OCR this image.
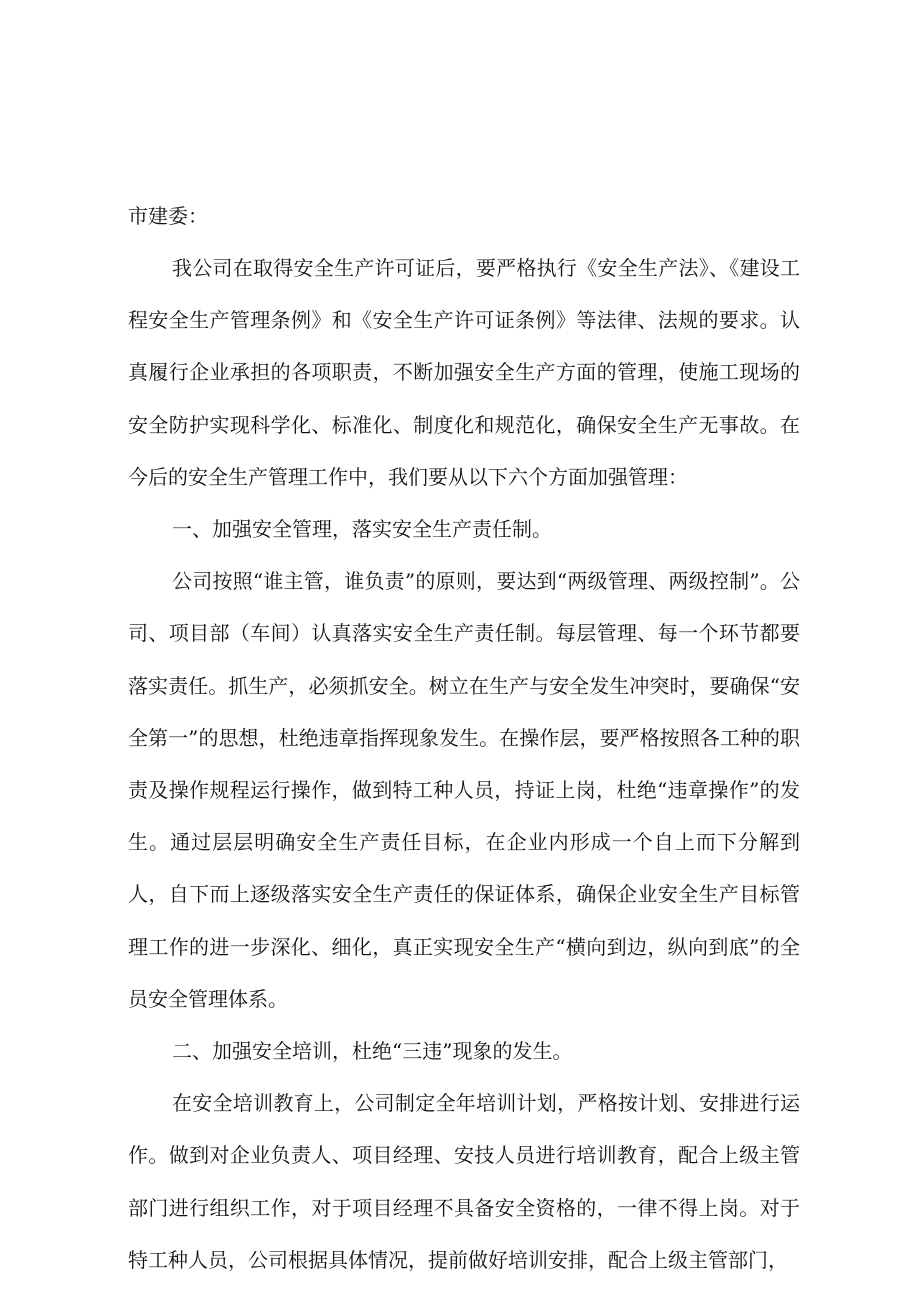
市建委：

我公司在取得安全生产许可证后，要严格执行《安全生产法》、《建设工程安全生产管理条例》和《安全生产许可证条例》等法律、法规的要求。认真履行企业承担的各项职责，不断加强安全生产方面的管理，使施工现场的安全防护实现科学化、标准化、制度化和规范化，确保安全生产无事故。在今后的安全生产管理工作中，我们要从以下六个方面加强管理：

一、加强安全管理，落实安全生产责任制。

公司按照“谁主管，谁负责”的原则，要达到“两级管理、两级控制”。公司、项目部（车间）认真落实安全生产责任制。每层管理、每一个环节都要落实责任。抓生产，必须抓安全。树立在生产与安全发生冲突时，要确保“安全第一”的思想，杜绝违章指挥现象发生。在操作层，要严格按照各工种的职责及操作规程运行操作，做到特工种人员，持证上岗，杜绝“违章操作”的发生。通过层层明确安全生产责任目标，在企业内形成一个自上而下分解到人，自下而上逐级落实安全生产责任的保证体系，确保企业安全生产目标管理工作的进一步深化、细化，真正实现安全生产“横向到边，纵向到底”的全员安全管理体系。

二、加强安全培训，杜绝“三违”现象的发生。

在安全培训教育上，公司制定全年培训计划，严格按计划、安排进行运作。做到对企业负责人、项目经理、安技人员进行培训教育，配合上级主管部门进行组织工作，对于项目经理不具备安全资格的，一律不得上岗。对于特工种人员，公司根据具体情况，提前做好培训安排，配合上级主管部门，
